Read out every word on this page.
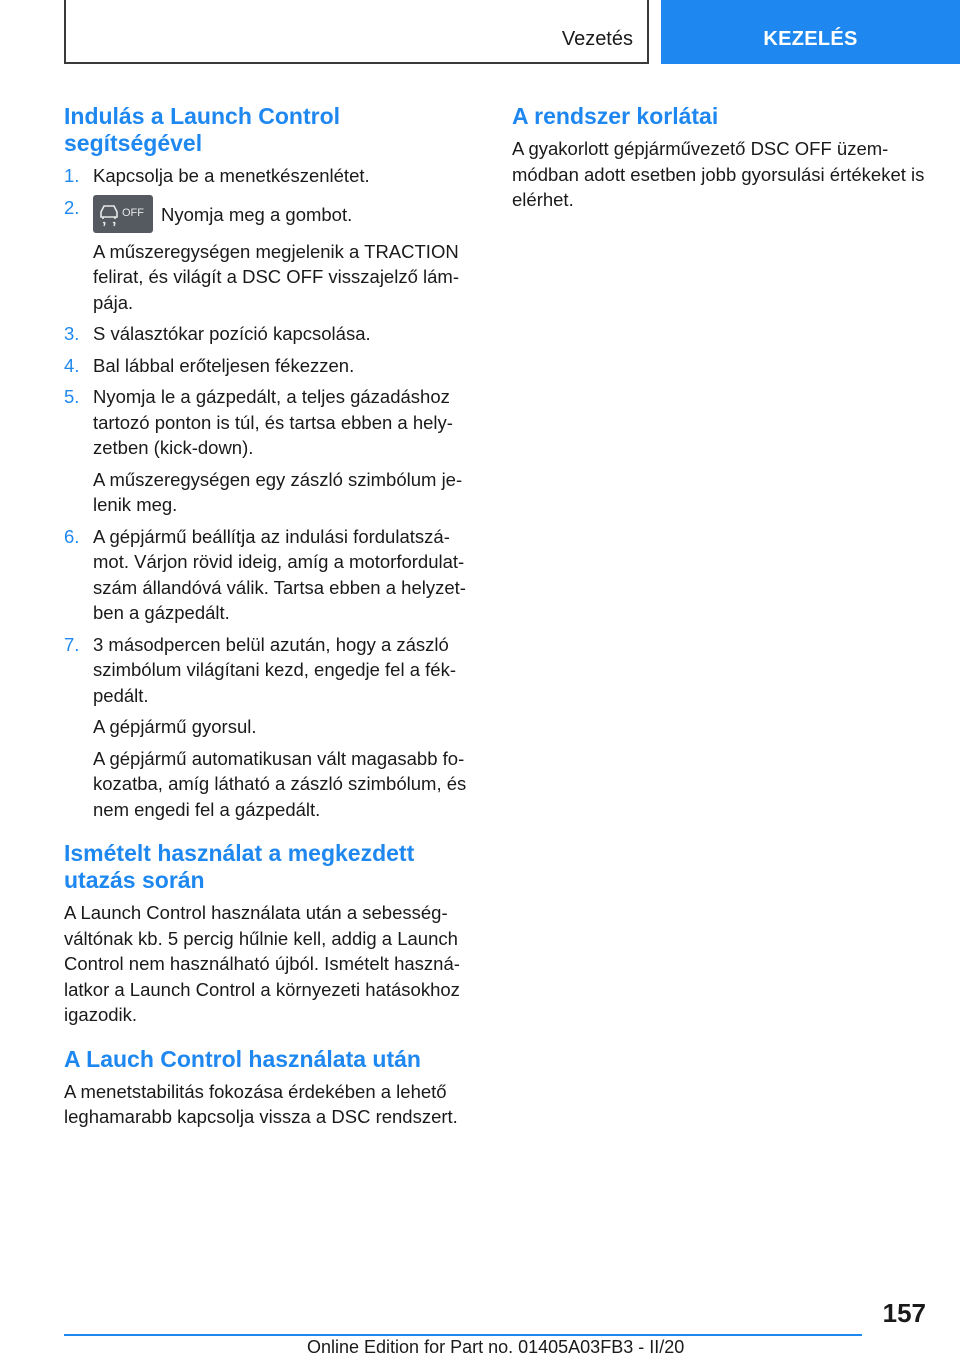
Vezetés	KEZELÉS
Indulás a Launch Control segítségével
1. Kapcsolja be a menetkészenlétet.

2.	OFF Nyomja meg a gombot.

A műszeregységen megjelenik a TRACTION felirat, és világít a DSC OFF visszajelző lámpája.

3. S választókar pozíció kapcsolása.

4. Bal lábbal erőteljesen fékezzen.

5. Nyomja le a gázpedált, a teljes gázadáshoz tartozó ponton is túl, és tartsa ebben a helyzetben (kick-down).

A műszeregységen egy zászló szimbólum jelenik meg.

6. A gépjármű beállítja az indulási fordulatszámot. Várjon rövid ideig, amíg a motorfordulatszám állandóvá válik. Tartsa ebben a helyzetben a gázpedált.

7. 3 másodpercen belül azután, hogy a zászló szimbólum világítani kezd, engedje fel a fékpedált.

A gépjármű gyorsul.

A gépjármű automatikusan vált magasabb fokozatba, amíg látható a zászló szimbólum, és nem engedi fel a gázpedált.

Ismételt használat a megkezdett utazás során

A Launch Control használata után a sebességváltónak kb. 5 percig hűlnie kell, addig a Launch Control nem használható újból. Ismételt használatkor a Launch Control a környezeti hatásokhoz igazodik.

A Lauch Control használata után

A menetstabilitás fokozása érdekében a lehető leghamarabb kapcsolja vissza a DSC rendszert.

A rendszer korlátai

A gyakorlott gépjárművezető DSC OFF üzemmódban adott esetben jobb gyorsulási értékeket is elérhet.

157
Online Edition for Part no. 01405A03FB3 - II/20
